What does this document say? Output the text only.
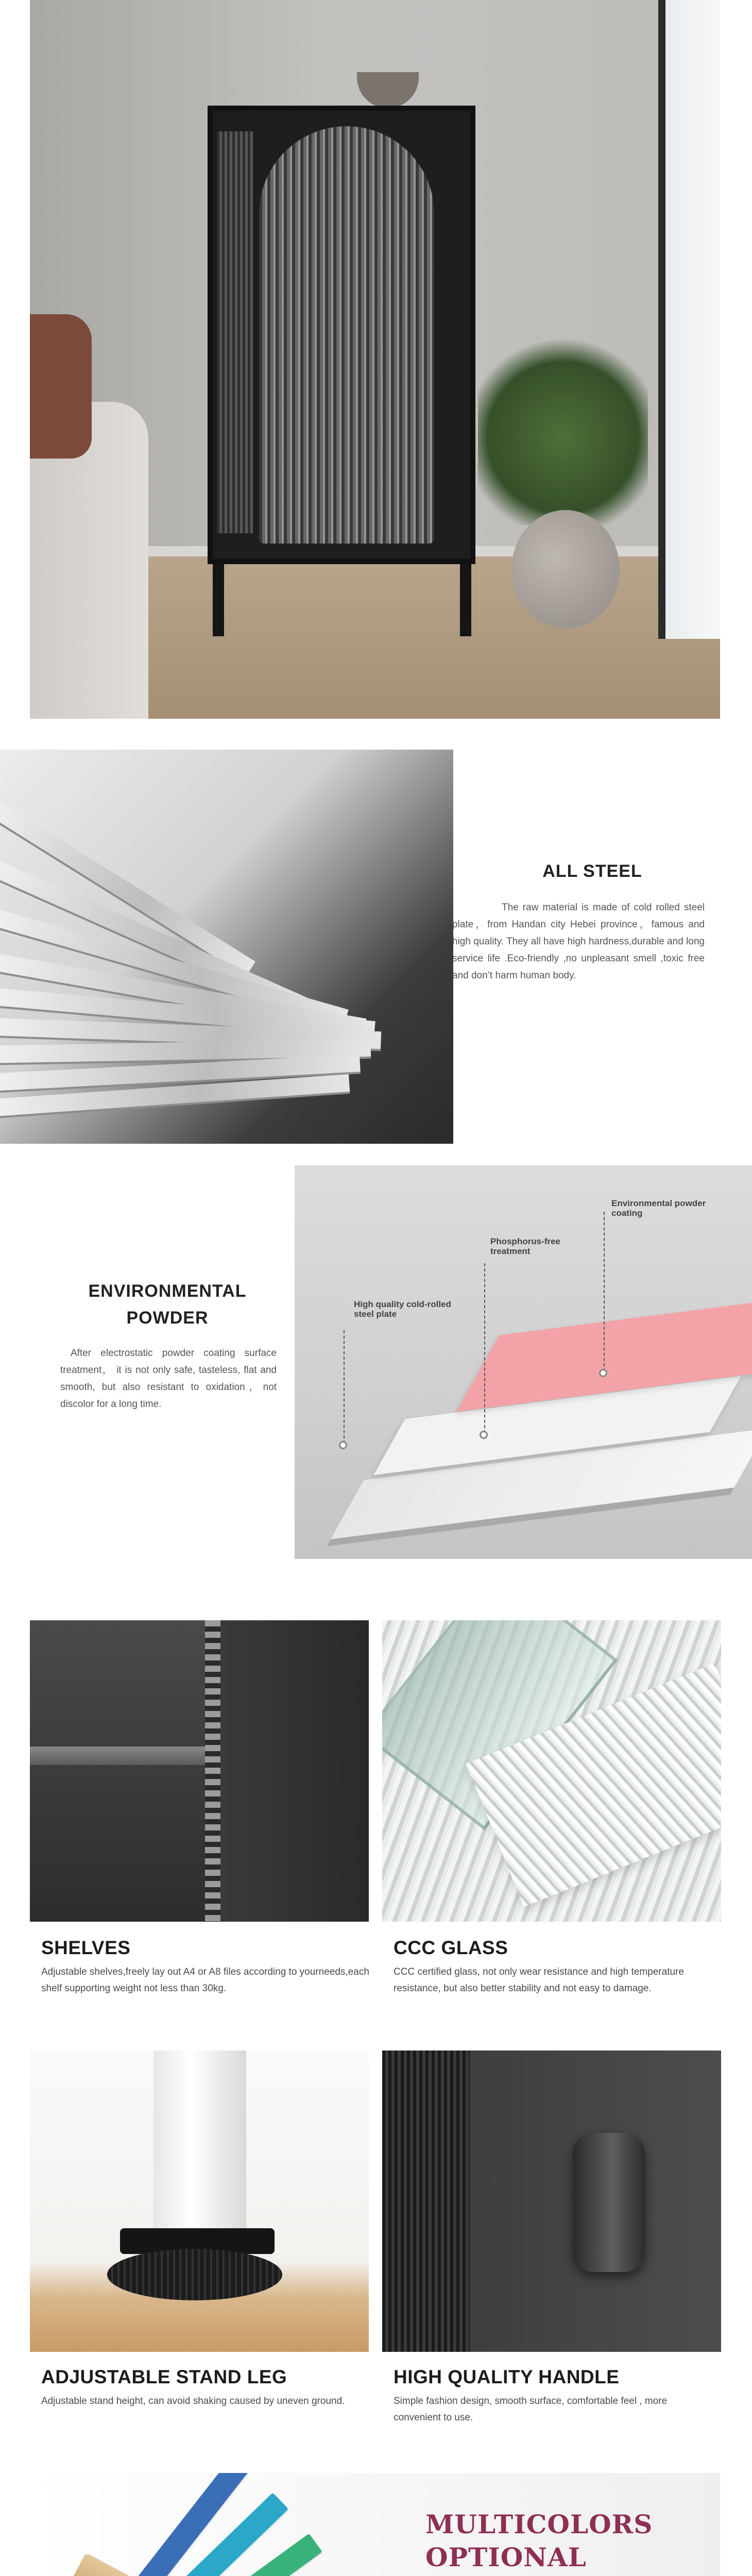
ALL STEEL
The raw material is made of cold rolled steel plate，from Handan city Hebei province，famous and high quality. They all have high hardness,durable and long service life .Eco-friendly ,no unpleasant smell ,toxic free and don’t harm human body.
ENVIRONMENTAL
POWDER
After electrostatic powder coating surface treatment， it is not only safe, tasteless, flat and smooth, but also resistant to oxidation，not discolor for a long time.
High quality cold-rolled steel plate
Phosphorus-free treatment
Environmental powder coating
SHELVES
Adjustable shelves,freely lay out A4 or A8 files according to yourneeds,each shelf supporting weight not less than 30kg.
CCC GLASS
CCC certified glass, not only wear resistance and high temperature resistance, but also better stability and not easy to damage.
ADJUSTABLE STAND LEG
Adjustable stand height, can avoid shaking caused by uneven ground.
HIGH QUALITY HANDLE
Simple fashion design, smooth surface, comfortable feel , more convenient to use.
MULTICOLORS
OPTIONAL
